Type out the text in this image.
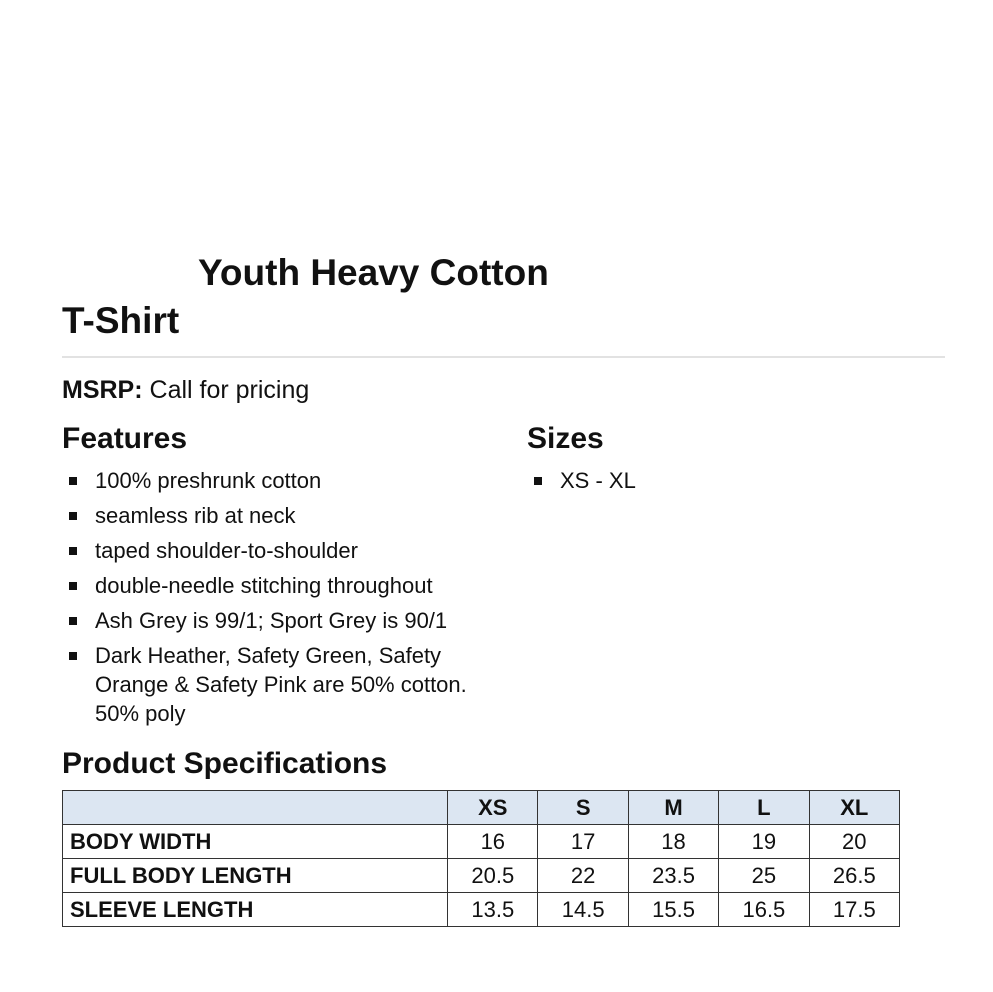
Youth Heavy Cotton
T-Shirt
MSRP: Call for pricing
Features
100% preshrunk cotton
seamless rib at neck
taped shoulder-to-shoulder
double-needle stitching throughout
Ash Grey is 99/1; Sport Grey is 90/1
Dark Heather, Safety Green, Safety Orange & Safety Pink are 50% cotton. 50% poly
Sizes
XS - XL
Product Specifications
	XS	S	M	L	XL
BODY WIDTH	16	17	18	19	20
FULL BODY LENGTH	20.5	22	23.5	25	26.5
SLEEVE LENGTH	13.5	14.5	15.5	16.5	17.5
